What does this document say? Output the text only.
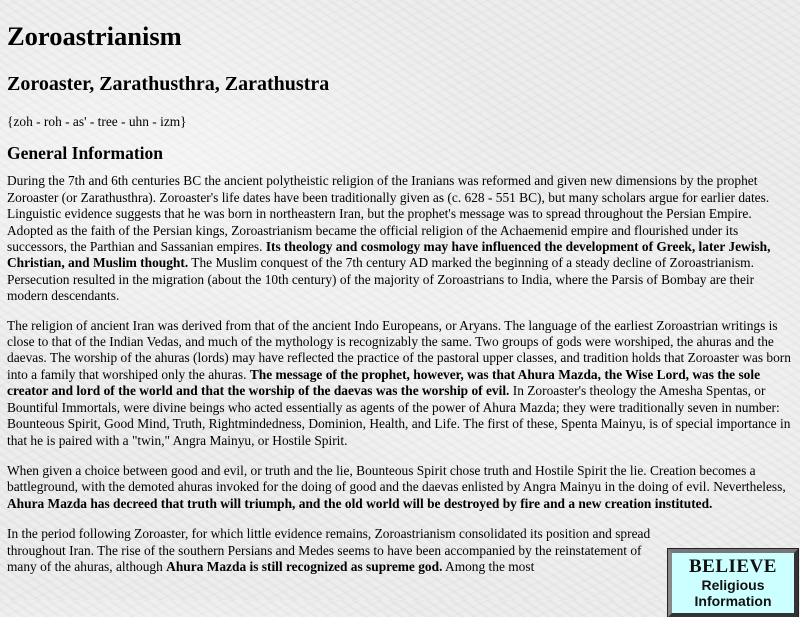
Zoroastrianism
Zoroaster, Zarathusthra, Zarathustra

{zoh - roh - as' - tree - uhn - izm}

General Information

During the 7th and 6th centuries BC the ancient polytheistic religion of the Iranians was reformed and given new dimensions by the prophet Zoroaster (or Zarathusthra). Zoroaster's life dates have been traditionally given as (c. 628 - 551 BC), but many scholars argue for earlier dates. Linguistic evidence suggests that he was born in northeastern Iran, but the prophet's message was to spread throughout the Persian Empire. Adopted as the faith of the Persian kings, Zoroastrianism became the official religion of the Achaemenid empire and flourished under its successors, the Parthian and Sassanian empires. Its theology and cosmology may have influenced the development of Greek, later Jewish, Christian, and Muslim thought. The Muslim conquest of the 7th century AD marked the beginning of a steady decline of Zoroastrianism. Persecution resulted in the migration (about the 10th century) of the majority of Zoroastrians to India, where the Parsis of Bombay are their modern descendants.

The religion of ancient Iran was derived from that of the ancient Indo Europeans, or Aryans. The language of the earliest Zoroastrian writings is close to that of the Indian Vedas, and much of the mythology is recognizably the same. Two groups of gods were worshiped, the ahuras and the daevas. The worship of the ahuras (lords) may have reflected the practice of the pastoral upper classes, and tradition holds that Zoroaster was born into a family that worshiped only the ahuras. The message of the prophet, however, was that Ahura Mazda, the Wise Lord, was the sole creator and lord of the world and that the worship of the daevas was the worship of evil. In Zoroaster's theology the Amesha Spentas, or Bountiful Immortals, were divine beings who acted essentially as agents of the power of Ahura Mazda; they were traditionally seven in number: Bounteous Spirit, Good Mind, Truth, Rightmindedness, Dominion, Health, and Life. The first of these, Spenta Mainyu, is of special importance in that he is paired with a "twin," Angra Mainyu, or Hostile Spirit.

When given a choice between good and evil, or truth and the lie, Bounteous Spirit chose truth and Hostile Spirit the lie. Creation becomes a battleground, with the demoted ahuras invoked for the doing of good and the daevas enlisted by Angra Mainyu in the doing of evil. Nevertheless, Ahura Mazda has decreed that truth will triumph, and the old world will be destroyed by fire and a new creation instituted.

In the period following Zoroaster, for which little evidence remains, Zoroastrianism consolidated its position and spread throughout Iran. The rise of the southern Persians and Medes seems to have been accompanied by the reinstatement of many of the ahuras, although Ahura Mazda is still recognized as supreme god. Among the most	BELIEVE
Religious
Information
